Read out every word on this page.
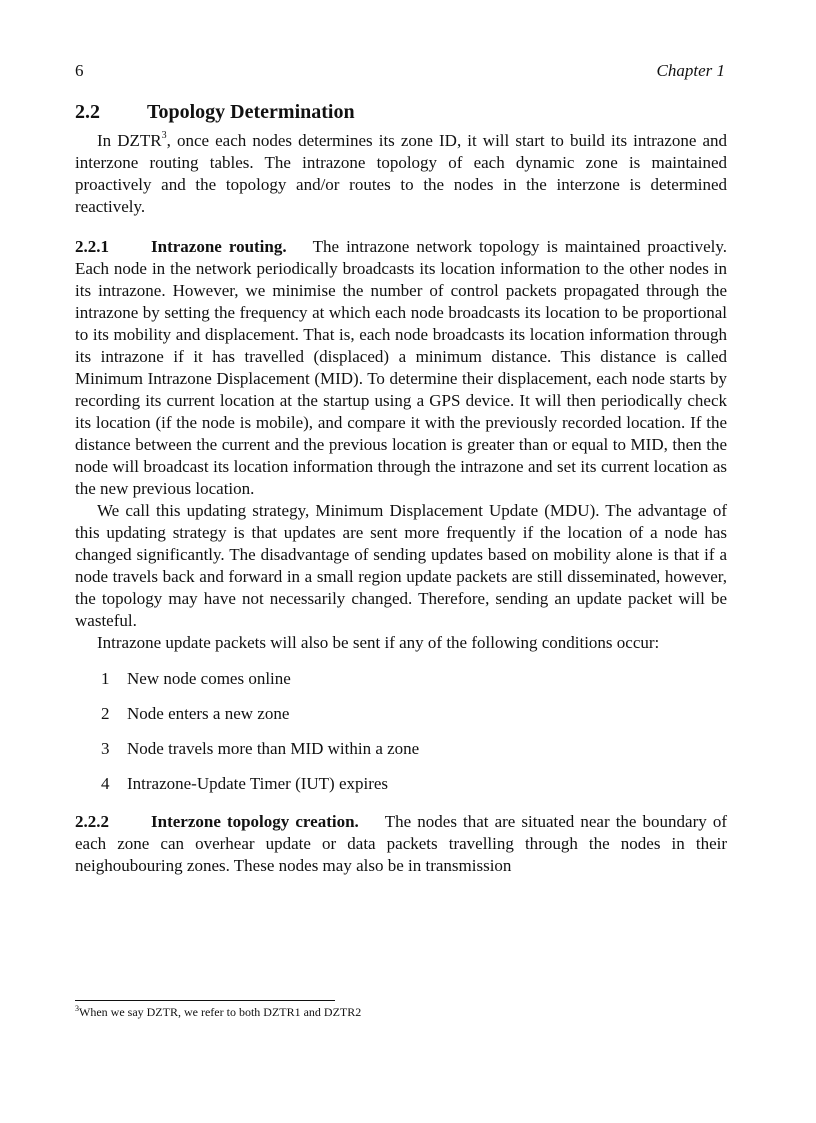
6	Chapter 1
2.2 Topology Determination

In DZTR$^3$, once each nodes determines its zone ID, it will start to build its intrazone and interzone routing tables. The intrazone topology of each dynamic zone is maintained proactively and the topology and/or routes to the nodes in the interzone is determined reactively.

2.2.1 Intrazone routing. The intrazone network topology is maintained proactively. Each node in the network periodically broadcasts its location information to the other nodes in its intrazone. However, we minimise the number of control packets propagated through the intrazone by setting the frequency at which each node broadcasts its location to be proportional to its mobility and displacement. That is, each node broadcasts its location information through its intrazone if it has travelled (displaced) a minimum distance. This distance is called Minimum Intrazone Displacement (MID). To determine their displacement, each node starts by recording its current location at the startup using a GPS device. It will then periodically check its location (if the node is mobile), and compare it with the previously recorded location. If the distance between the current and the previous location is greater than or equal to MID, then the node will broadcast its location information through the intrazone and set its current location as the new previous location.

We call this updating strategy, Minimum Displacement Update (MDU). The advantage of this updating strategy is that updates are sent more frequently if the location of a node has changed significantly. The disadvantage of sending updates based on mobility alone is that if a node travels back and forward in a small region update packets are still disseminated, however, the topology may have not necessarily changed. Therefore, sending an update packet will be wasteful.

Intrazone update packets will also be sent if any of the following conditions occur:

1 New node comes online
2 Node enters a new zone
3 Node travels more than MID within a zone
4 Intrazone-Update Timer (IUT) expires

2.2.2 Interzone topology creation. The nodes that are situated near the boundary of each zone can overhear update or data packets travelling through the nodes in their neighoubouring zones. These nodes may also be in transmission

$^3$When we say DZTR, we refer to both DZTR1 and DZTR2
